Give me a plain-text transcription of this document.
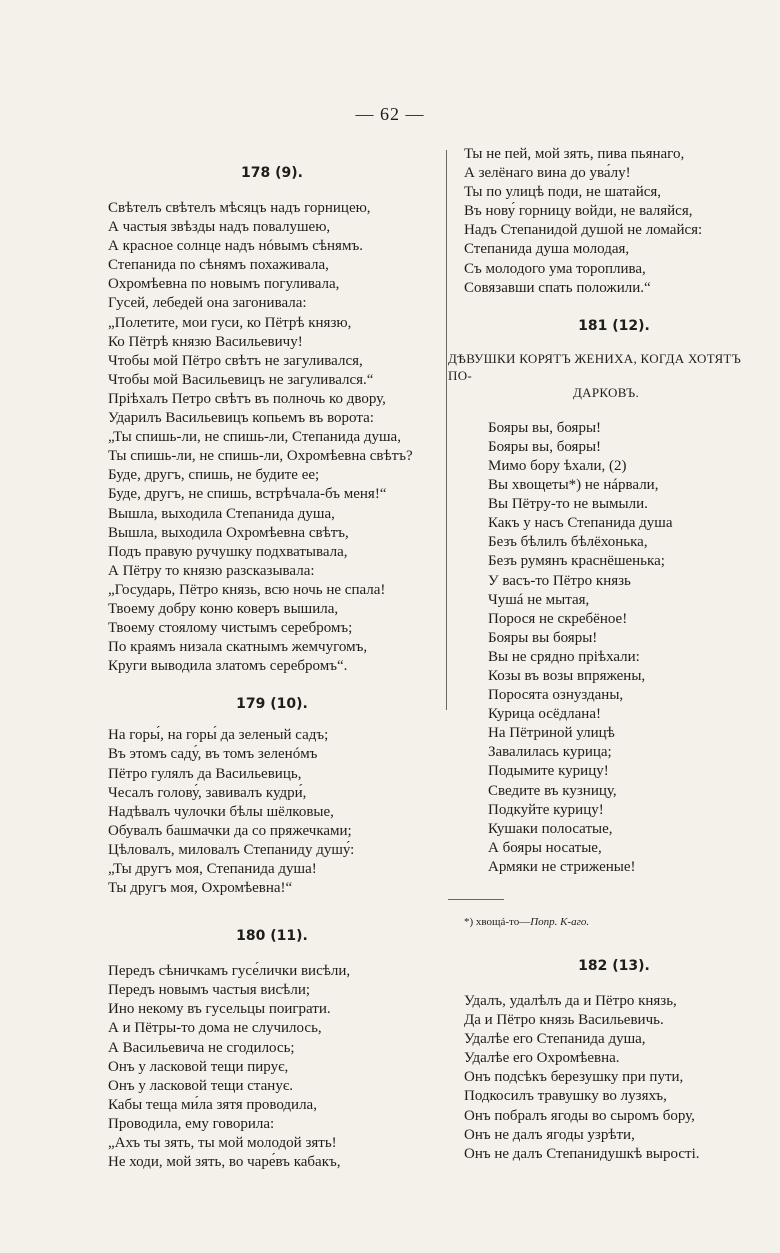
— 62 —
178 (9).
Свѣтелъ свѣтелъ мѣсяцъ надъ горницею,
А частыя звѣзды надъ повалушею,
А красное солнце надъ нóвымъ сѣнямъ.
Степанида по сѣнямъ похаживала,
Охромѣевна по новымъ погуливала,
Гусей, лебедей она загонивала:
„Полетите, мои гуси, ко Пётрѣ князю,
Ко Пётрѣ князю Васильевичу!
Чтобы мой Пётро свѣтъ не загуливался,
Чтобы мой Васильевицъ не загуливался.“
Пріѣхалъ Петро свѣтъ въ полночь ко двору,
Ударилъ Васильевицъ копьемъ въ ворота:
„Ты спишь-ли, не спишь-ли, Степанида душа,
Ты спишь-ли, не спишь-ли, Охромѣевна свѣтъ?
Буде, другъ, спишь, не будите ее;
Буде, другъ, не спишь, встрѣчала-бъ меня!“
Вышла, выходила Степанида душа,
Вышла, выходила Охромѣевна свѣтъ,
Подъ правую ручушку подхватывала,
А Пётру то князю разсказывала:
„Государь, Пётро князь, всю ночь не спала!
Твоему добру коню коверъ вышила,
Твоему стоялому чистымъ серебромъ;
По краямъ низала скатнымъ жемчугомъ,
Круги выводила златомъ серебромъ“.
179 (10).
На горы́, на горы́ да зеленый садъ;
Въ этомъ саду́, въ томъ зеленóмъ
Пётро гулялъ да Васильевиць,
Чесалъ голову́, завивалъ кудри́,
Надѣвалъ чулочки бѣлы шёлковые,
Обувалъ башмачки да со пряжечками;
Цѣловалъ, миловалъ Степаниду душу́:
„Ты другъ моя, Степанида душа!
Ты другъ моя, Охромѣевна!“
180 (11).
Передъ сѣничкамъ гусе́лички висѣли,
Передъ новымъ частыя висѣли;
Ино некому въ гусельцы поиграти.
А и Пётры-то дома не случилось,
А Васильевича не сгодилось;
Онъ у ласковой тещи пирує,
Онъ у ласковой тещи станує.
Кабы теща ми́ла зятя проводила,
Проводила, ему говорила:
„Ахъ ты зять, ты мой молодой зять!
Не ходи, мой зять, во чаре́въ кабакъ,
Ты не пей, мой зять, пива пьянаго,
А зелёнаго вина до ува́лу!
Ты по улицѣ поди, не шатайся,
Въ нову́ горницу войди, не валяйся,
Надъ Степанидой душой не ломайся:
Степанида душа молодая,
Съ молодого ума тороплива,
Совязавши спать положили.“
181 (12).

ДѢВУШКИ КОРЯТЪ ЖЕНИХА, КОГДА ХОТЯТЪ ПО-
ДАРКОВЪ.

Бояры вы, бояры!
Бояры вы, бояры!
Мимо бору ѣхали, (2)
Вы хвощеты*) не нáрвали,
Вы Пётру-то не вымыли.
Какъ у насъ Степанида душа
Безъ бѣлилъ бѣлёхонька,
Безъ румянъ краснёшенька;
У васъ-то Пётро князь
Чушá не мытая,
Порося не скребёное!
Бояры вы бояры!
Вы не срядно пріѣхали:
Козы въ возы впряжены,
Поросята ознузданы,
Курица осёдлана!
На Пётриной улицѣ
Завалилась курица;
Подымите курицу!
Сведите въ кузницу,
Подкуйте курицу!
Кушаки полосатые,
А бояры носатые,
Армяки не стриженые!

*) хвощá-то—Попр. К-аго.

182 (13).
Удалъ, удалѣлъ да и Пётро князь,
Да и Пётро князь Васильевичь.
Удалѣе его Степанида душа,
Удалѣе его Охромѣевна.
Онъ подсѣкъ березушку при пути,
Подкосилъ травушку во лузяхъ,
Онъ побралъ ягоды во сыромъ бору,
Онъ не далъ ягоды узрѣти,
Онъ не далъ Степанидушкѣ выростi.
